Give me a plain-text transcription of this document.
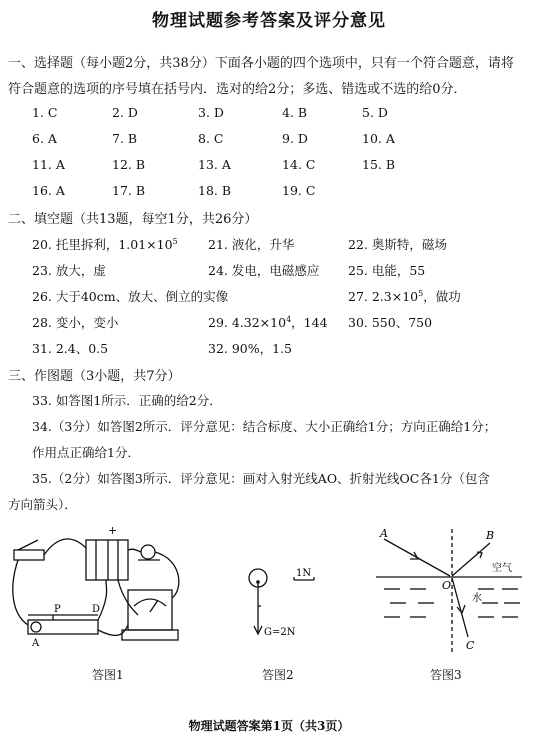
物理试题参考答案及评分意见
一、选择题（每小题2分，共38分）下面各小题的四个选项中，只有一个符合题意，请将
符合题意的选项的序号填在括号内．选对的给2分；多选、错选或不选的给0分．
1. C	2. D	3. D	4. B	5. D
6. A	7. B	8. C	9. D	10. A
11. A	12. B	13. A	14. C	15. B
16. A	17. B	18. B	19. C
二、填空题（共13题，每空1分，共26分）
20. 托里拆利，$1.01\times 10^5$ 21. 液化，升华	22. 奥斯特，磁场
23. 放大，虚	24. 发电，电磁感应 25. 电能，55
26. 大于40cm、放大、倒立的实像	27. $2.3\times 10^5$，做功
28. 变小，变小	29. $4.32\times 10^4$，144 30. 550、750
31. 2.4、0.5	32. 90%，1.5
三、作图题（3小题，共7分）
33. 如答图1所示．正确的给2分．
34.（3分）如答图2所示．评分意见：结合标度、大小正确给1分；方向正确给1分；
作用点正确给1分．
35.（2分）如答图3所示．评分意见：画对入射光线AO、折射光线OC各1分（包含
方向箭头）．
+
P	D
A
答图1
1N
G=2N
答图2
A	B
O
C
空气
水
答图3
物理试题答案第1页（共3页）
